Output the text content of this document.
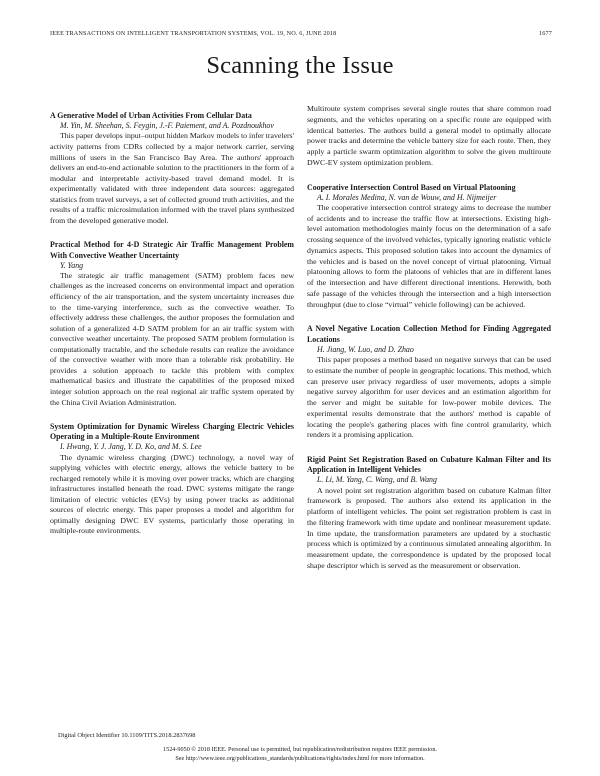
IEEE TRANSACTIONS ON INTELLIGENT TRANSPORTATION SYSTEMS, VOL. 19, NO. 6, JUNE 2018	1677
Scanning the Issue

A Generative Model of Urban Activities From Cellular Data

M. Yin, M. Sheehan, S. Feygin, J.-F. Paiement, and A. Pozdnoukhov

This paper develops input–output hidden Markov models to infer travelers' activity patterns from CDRs collected by a major network carrier, serving millions of users in the San Francisco Bay Area. The authors' approach delivers an end-to-end actionable solution to the practitioners in the form of a modular and interpretable activity-based travel demand model. It is experimentally validated with three independent data sources: aggregated statistics from travel surveys, a set of collected ground truth activities, and the results of a traffic microsimulation informed with the travel plans synthesized from the developed generative model.

Practical Method for 4-D Strategic Air Traffic Management Problem With Convective Weather Uncertainty

Y. Yang

The strategic air traffic management (SATM) problem faces new challenges as the increased concerns on environmental impact and operation efficiency of the air transportation, and the system uncertainty increases due to the time-varying interference, such as the convective weather. To effectively address these challenges, the author proposes the formulation and solution of a generalized 4-D SATM problem for an air traffic system with convective weather uncertainty. The proposed SATM problem formulation is computationally tractable, and the schedule results can realize the avoidance of the convective weather with more than a tolerable risk probability. He provides a solution approach to tackle this problem with complex mathematical basics and illustrate the capabilities of the proposed mixed integer solution approach on the real regional air traffic system operated by the China Civil Aviation Administration.

System Optimization for Dynamic Wireless Charging Electric Vehicles Operating in a Multiple-Route Environment

I. Hwang, Y. J. Jang, Y. D. Ko, and M. S. Lee

The dynamic wireless charging (DWC) technology, a novel way of supplying vehicles with electric energy, allows the vehicle battery to be recharged remotely while it is moving over power tracks, which are charging infrastructures installed beneath the road. DWC systems mitigate the range limitation of electric vehicles (EVs) by using power tracks as additional sources of electric energy. This paper proposes a model and algorithm for optimally designing DWC EV systems, particularly those operating in multiple-route environments.

Multiroute system comprises several single routes that share common road segments, and the vehicles operating on a specific route are equipped with identical batteries. The authors build a general model to optimally allocate power tracks and determine the vehicle battery size for each route. Then, they apply a particle swarm optimization algorithm to solve the given multiroute DWC-EV system optimization problem.

Cooperative Intersection Control Based on Virtual Platooning

A. I. Morales Medina, N. van de Wouw, and H. Nijmeijer

The cooperative intersection control strategy aims to decrease the number of accidents and to increase the traffic flow at intersections. Existing high-level automation methodologies mainly focus on the determination of a safe crossing sequence of the involved vehicles, typically ignoring realistic vehicle dynamics aspects. This proposed solution takes into account the dynamics of the vehicles and is based on the novel concept of virtual platooning. Virtual platooning allows to form the platoons of vehicles that are in different lanes of the intersection and have different directional intentions. Herewith, both safe passage of the vehicles through the intersection and a high intersection throughput (due to close “virtual” vehicle following) can be achieved.

A Novel Negative Location Collection Method for Finding Aggregated Locations

H. Jiang, W. Luo, and D. Zhao

This paper proposes a method based on negative surveys that can be used to estimate the number of people in geographic locations. This method, which can preserve user privacy regardless of user movements, adopts a simple negative survey algorithm for user devices and an estimation algorithm for the server and might be suitable for low-power mobile devices. The experimental results demonstrate that the authors' method is capable of locating the people's gathering places with fine control granularity, which renders it a promising application.

Rigid Point Set Registration Based on Cubature Kalman Filter and Its Application in Intelligent Vehicles

L. Li, M. Yang, C. Wang, and B. Wang

A novel point set registration algorithm based on cubature Kalman filter framework is proposed. The authors also extend its application in the platform of intelligent vehicles. The point set registration problem is cast in the filtering framework with time update and nonlinear measurement update. In time update, the transformation parameters are updated by a stochastic process which is optimized by a continuous simulated annealing algorithm. In measurement update, the correspondence is updated by the proposed local shape descriptor which is served as the measurement or observation.

Digital Object Identifier 10.1109/TITS.2018.2837698
1524-9050 © 2018 IEEE. Personal use is permitted, but republication/redistribution requires IEEE permission.
See http://www.ieee.org/publications_standards/publications/rights/index.html for more information.
